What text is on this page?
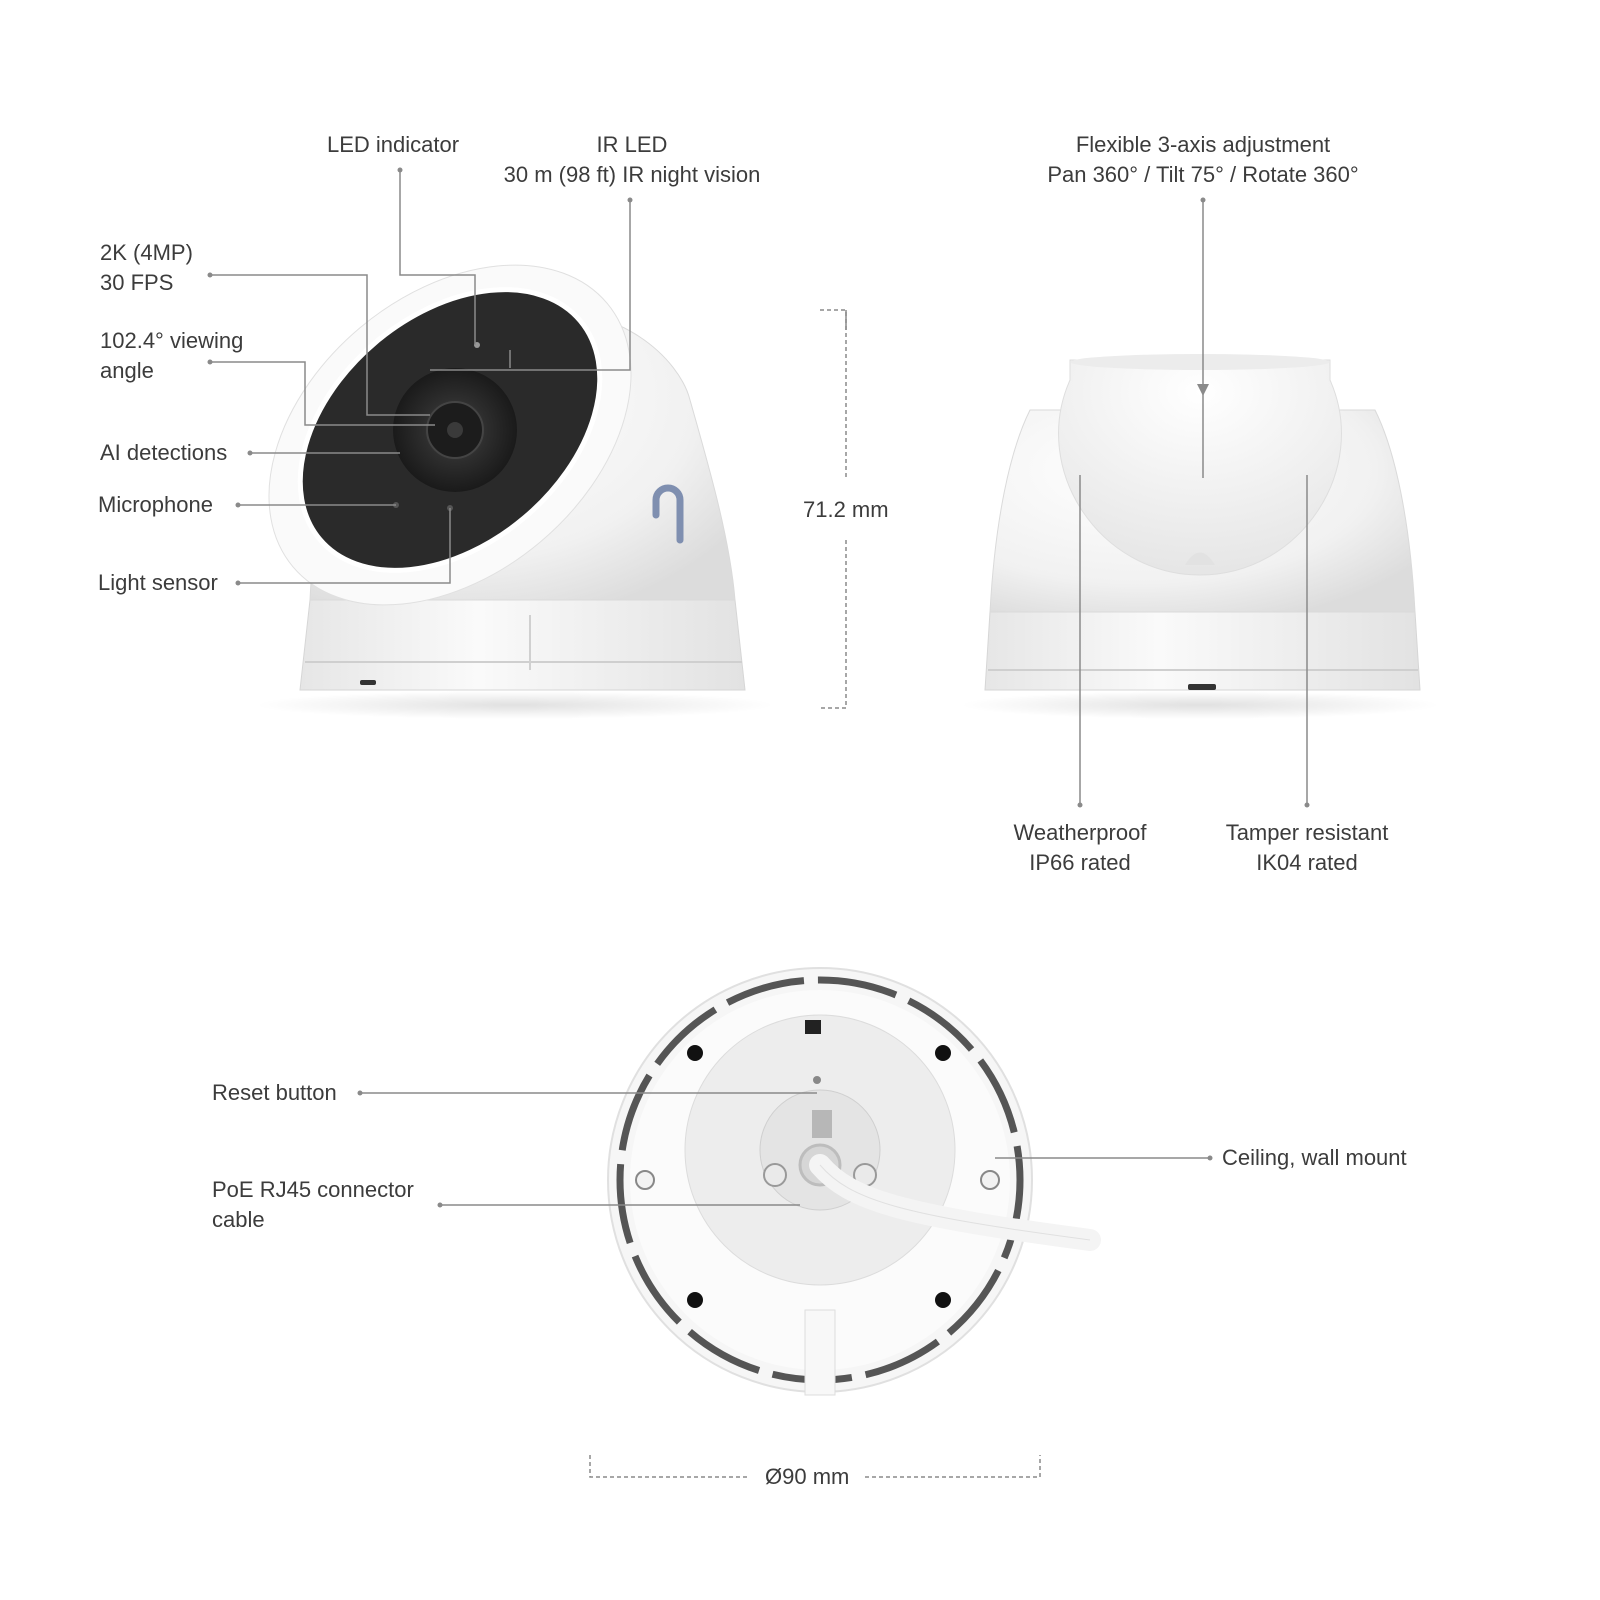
LED indicator	IR LED
30 m (98 ft) IR night vision
2K (4MP)
30 FPS
102.4° viewing
angle
AI detections
Microphone
Light sensor
Flexible 3-axis adjustment
Pan 360° / Tilt 75° / Rotate 360°
71.2 mm
Weatherproof
IP66 rated
Tamper resistant
IK04 rated
Reset button
PoE RJ45 connector
cable
Ceiling, wall mount
Ø90 mm
